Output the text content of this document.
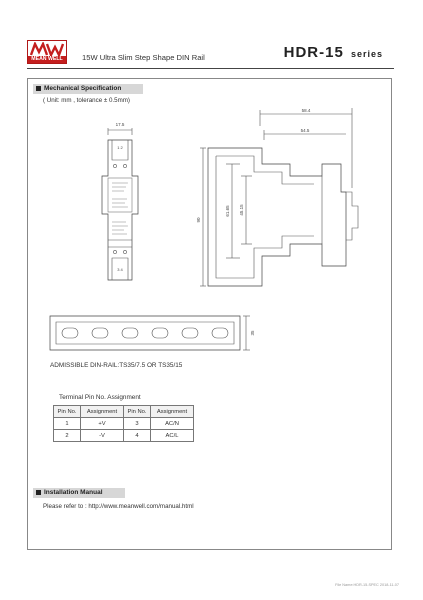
MEAN WELL	15W Ultra Slim Step Shape DIN Rail	HDR-15 series
Mechanical Specification
( Unit: mm , tolerance ± 0.5mm)
17.5
1 2
3 4
58.4
54.5
90
61.65 45.15
35
ADMISSIBLE DIN-RAIL:TS35/7.5 OR TS35/15
Terminal Pin No. Assignment
Pin No.	Assignment	Pin No.	Assignment
1	+V	3	AC/N
2	-V	4	AC/L
Installation Manual
Please refer to : http://www.meanwell.com/manual.html
File Name:HDR-15-SPEC 2018-11-07
